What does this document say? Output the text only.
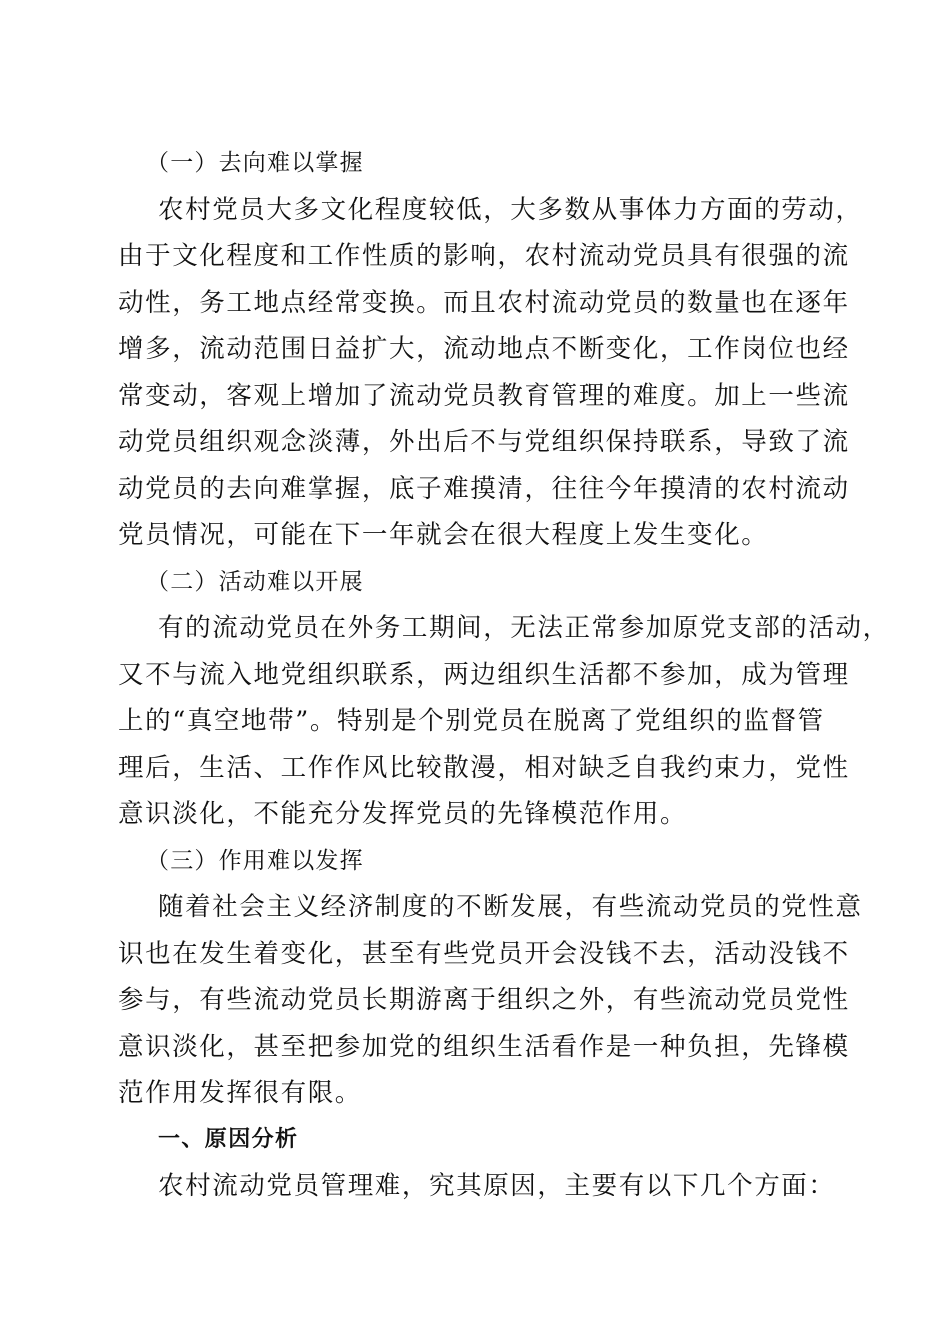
（一）去向难以掌握
农村党员大多文化程度较低，大多数从事体力方面的劳动，
由于文化程度和工作性质的影响，农村流动党员具有很强的流
动性，务工地点经常变换。而且农村流动党员的数量也在逐年
增多，流动范围日益扩大，流动地点不断变化，工作岗位也经
常变动，客观上增加了流动党员教育管理的难度。加上一些流
动党员组织观念淡薄，外出后不与党组织保持联系，导致了流
动党员的去向难掌握，底子难摸清，往往今年摸清的农村流动
党员情况，可能在下一年就会在很大程度上发生变化。
（二）活动难以开展
有的流动党员在外务工期间，无法正常参加原党支部的活动，
又不与流入地党组织联系，两边组织生活都不参加，成为管理
上的“真空地带”。特别是个别党员在脱离了党组织的监督管
理后，生活、工作作风比较散漫，相对缺乏自我约束力，党性
意识淡化，不能充分发挥党员的先锋模范作用。
（三）作用难以发挥
随着社会主义经济制度的不断发展，有些流动党员的党性意
识也在发生着变化，甚至有些党员开会没钱不去，活动没钱不
参与，有些流动党员长期游离于组织之外，有些流动党员党性
意识淡化，甚至把参加党的组织生活看作是一种负担，先锋模
范作用发挥很有限。
一、原因分析
农村流动党员管理难，究其原因，主要有以下几个方面：
